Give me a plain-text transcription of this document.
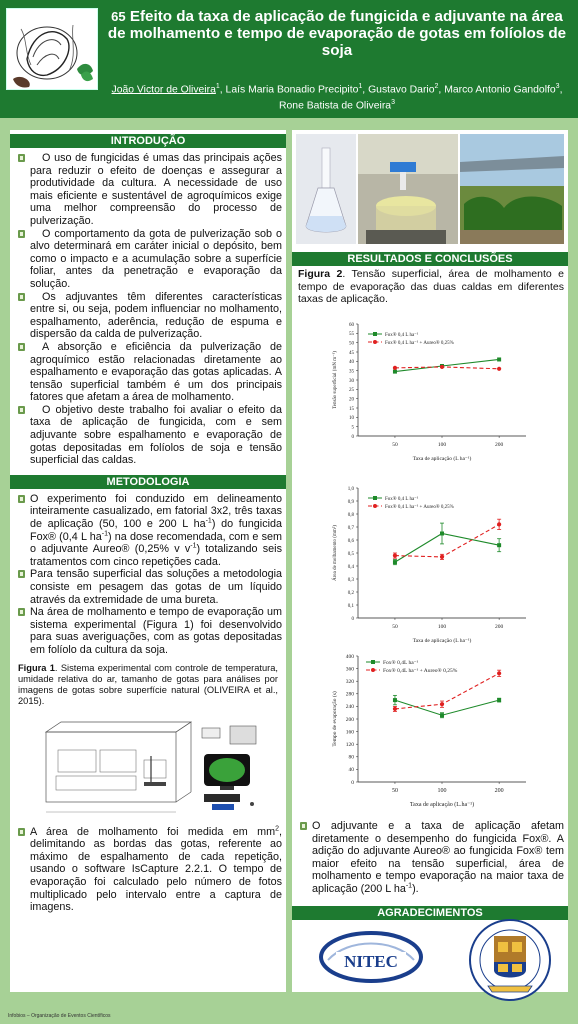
65 Efeito da taxa de aplicação de fungicida e adjuvante na área de molhamento e tempo de evaporação de gotas em folíolos de soja
João Victor de Oliveira$^1$, Laís Maria Bonadio Precipito$^1$, Gustavo Dario$^2$, Marco Antonio Gandolfo$^3$, Rone Batista de Oliveira$^3$
INTRODUÇÃO
O uso de fungicidas é umas das principais ações para reduzir o efeito de doenças e assegurar a produtividade da cultura. A necessidade de uso mais eficiente e sustentável de agroquímicos exige uma melhor compreensão do processo de pulverização.
O comportamento da gota de pulverização sob o alvo determinará em caráter inicial o depósito, bem como o impacto e a acumulação sobre a superfície foliar, antes da penetração e evaporação da solução.
Os adjuvantes têm diferentes características entre si, ou seja, podem influenciar no molhamento, espalhamento, aderência, redução de espuma e dispersão da calda de pulverização.
A absorção e eficiência da pulverização de agroquímico estão relacionadas diretamente ao espalhamento e evaporação das gotas aplicadas. A tensão superficial também é um dos principais fatores que afetam a área de molhamento.
O objetivo deste trabalho foi avaliar o efeito da taxa de aplicação de fungicida, com e sem adjuvante sobre espalhamento e evaporação de gotas depositadas em folíolos de soja e tensão superficial das caldas.
METODOLOGIA
O experimento foi conduzido em delineamento inteiramente casualizado, em fatorial 3x2, três taxas de aplicação (50, 100 e 200 L $ha^{-1}$) do fungicida Fox® (0,4 L $ha^{-1}$) na dose recomendada, com e sem o adjuvante Aureo® (0,25% v $v^{-1}$) totalizando seis tratamentos com cinco repetições cada.
Para tensão superficial das soluções a metodologia consiste em pesagem das gotas de um líquido através da extremidade de uma bureta.
Na área de molhamento e tempo de evaporação um sistema experimental (Figura 1) foi desenvolvido para suas averiguações, com as gotas depositadas em folíolo da cultura da soja.
Figura 1. Sistema experimental com controle de temperatura, umidade relativa do ar, tamanho de gotas para análises por imagens de gotas sobre superfície natural (OLIVEIRA et al., 2015).
A área de molhamento foi medida em $mm^2$, delimitando as bordas das gotas, referente ao máximo de espalhamento de cada repetição, usando o software IsCapture 2.2.1. O tempo de evaporação foi calculado pelo número de fotos multiplicado pelo intervalo entre a captura de imagens.
RESULTADOS E CONCLUSÕES
Figura 2. Tensão superficial, área de molhamento e tempo de evaporação das duas caldas em diferentes taxas de aplicação.
0
5
10
15
20
25
30
35
40
45
50
55
60
50	100	200
Taxa de aplicação (L ha⁻¹)
Tensão superficial (mN m⁻¹)
Fox® 0,4 L ha⁻¹
Fox® 0,4 L ha⁻¹ + Aureo® 0,25%
0
0,1
0,2
0,3
0,4
0,5
0,6
0,7
0,8
0,9
1,0
50	100	200
Taxa de aplicação (L ha⁻¹)
Área de molhamento (mm²)
Fox® 0,4 L ha⁻¹
Fox® 0,4 L ha⁻¹ + Aureo® 0,25%
0
40
80
120
160
200
240
280
320
360
400
50	100	200
Taxa de aplicação (L.ha⁻¹)
Tempo de evaporação (s)
Fox® 0,4L ha⁻¹
Fox® 0,4L ha⁻¹ + Aureo® 0,25%
O adjuvante e a taxa de aplicação afetam diretamente o desempenho do fungicida Fox®. A adição do adjuvante Aureo® ao fungicida Fox® tem maior efeito na tensão superficial, área de molhamento e tempo evaporação na maior taxa de aplicação (200 L $ha^{-1}$).
AGRADECIMENTOS
NITEC
Infobios – Organização de Eventos Científicos
